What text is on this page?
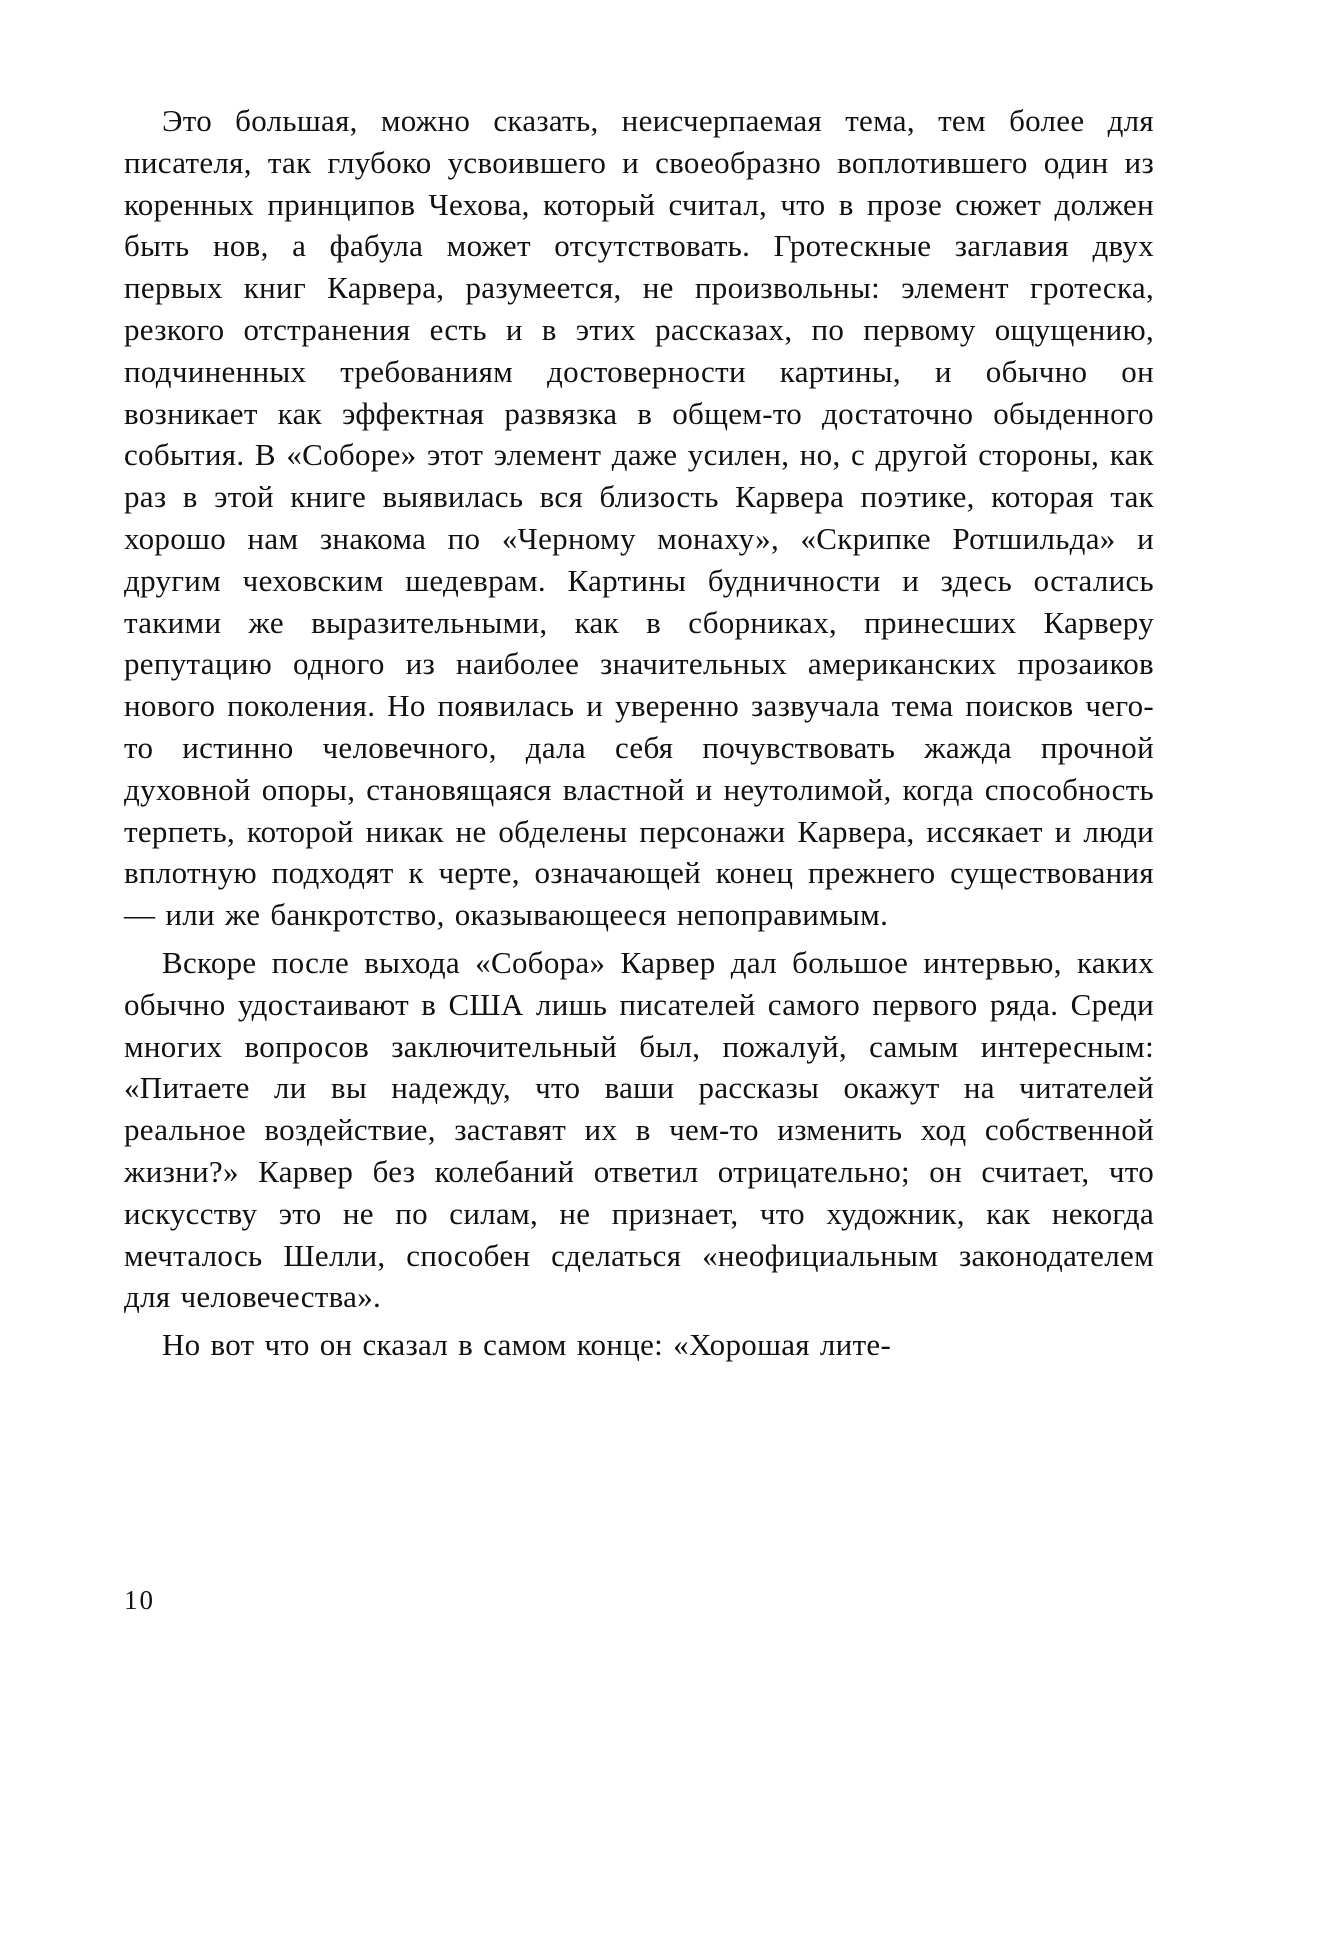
Это большая, можно сказать, неисчерпаемая тема, тем более для писателя, так глубоко усвоившего и своеобразно воплотившего один из коренных принципов Чехова, который считал, что в прозе сюжет должен быть нов, а фабула может отсутствовать. Гротескные заглавия двух первых книг Карвера, разумеется, не произвольны: элемент гротеска, резкого отстранения есть и в этих рассказах, по первому ощущению, подчиненных требованиям достоверности картины, и обычно он возникает как эффектная развязка в общем-то достаточно обыденного события. В «Соборе» этот элемент даже усилен, но, с другой стороны, как раз в этой книге выявилась вся близость Карвера поэтике, которая так хорошо нам знакома по «Черному монаху», «Скрипке Ротшильда» и другим чеховским шедеврам. Картины будничности и здесь остались такими же выразительными, как в сборниках, принесших Карверу репутацию одного из наиболее значительных американских прозаиков нового поколения. Но появилась и уверенно зазвучала тема поисков чего-то истинно человечного, дала себя почувствовать жажда прочной духовной опоры, становящаяся властной и неутолимой, когда способность терпеть, которой никак не обделены персонажи Карвера, иссякает и люди вплотную подходят к черте, означающей конец прежнего существования — или же банкротство, оказывающееся непоправимым.

Вскоре после выхода «Собора» Карвер дал большое интервью, каких обычно удостаивают в США лишь писателей самого первого ряда. Среди многих вопросов заключительный был, пожалуй, самым интересным: «Питаете ли вы надежду, что ваши рассказы окажут на читателей реальное воздействие, заставят их в чем-то изменить ход собственной жизни?» Карвер без колебаний ответил отрицательно; он считает, что искусству это не по силам, не признает, что художник, как некогда мечталось Шелли, способен сделаться «неофициальным законодателем для человечества».

Но вот что он сказал в самом конце: «Хорошая лите-

10
